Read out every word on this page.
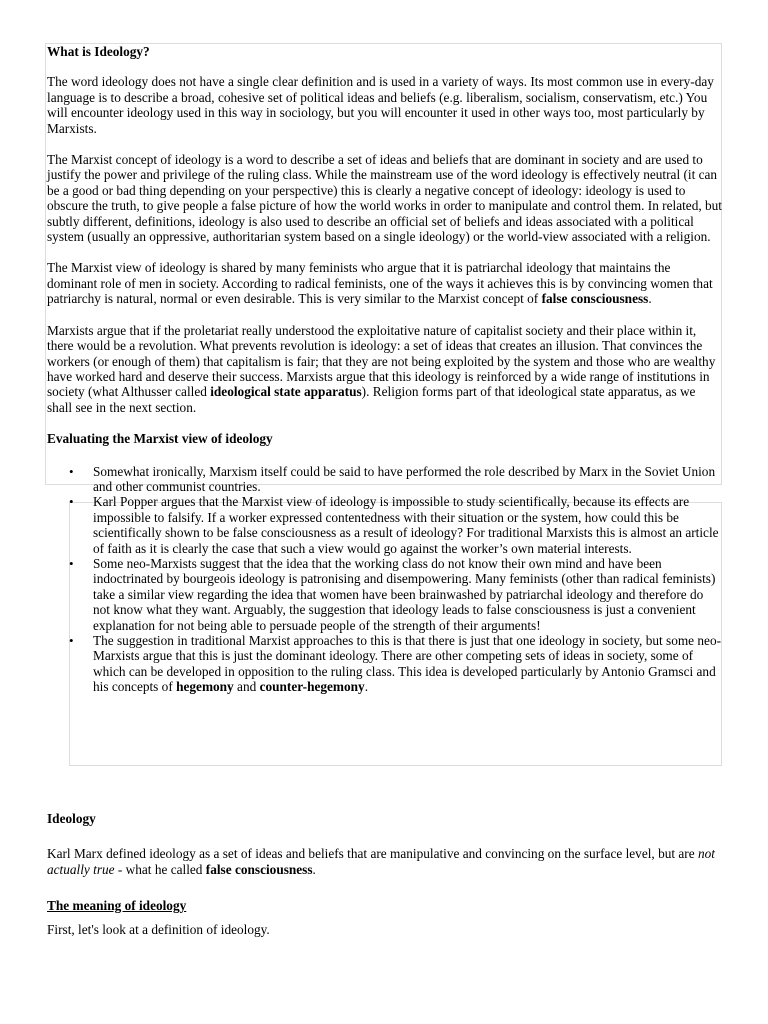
What is Ideology?

The word ideology does not have a single clear definition and is used in a variety of ways. Its most common use in every-day language is to describe a broad, cohesive set of political ideas and beliefs (e.g. liberalism, socialism, conservatism, etc.) You will encounter ideology used in this way in sociology, but you will encounter it used in other ways too, most particularly by Marxists.

The Marxist concept of ideology is a word to describe a set of ideas and beliefs that are dominant in society and are used to justify the power and privilege of the ruling class. While the mainstream use of the word ideology is effectively neutral (it can be a good or bad thing depending on your perspective) this is clearly a negative concept of ideology: ideology is used to obscure the truth, to give people a false picture of how the world works in order to manipulate and control them. In related, but subtly different, definitions, ideology is also used to describe an official set of beliefs and ideas associated with a political system (usually an oppressive, authoritarian system based on a single ideology) or the world-view associated with a religion.

The Marxist view of ideology is shared by many feminists who argue that it is patriarchal ideology that maintains the dominant role of men in society. According to radical feminists, one of the ways it achieves this is by convincing women that patriarchy is natural, normal or even desirable. This is very similar to the Marxist concept of false consciousness.

Marxists argue that if the proletariat really understood the exploitative nature of capitalist society and their place within it, there would be a revolution. What prevents revolution is ideology: a set of ideas that creates an illusion. That convinces the workers (or enough of them) that capitalism is fair; that they are not being exploited by the system and those who are wealthy have worked hard and deserve their success. Marxists argue that this ideology is reinforced by a wide range of institutions in society (what Althusser called ideological state apparatus). Religion forms part of that ideological state apparatus, as we shall see in the next section.

Evaluating the Marxist view of ideology

• Somewhat ironically, Marxism itself could be said to have performed the role described by Marx in the Soviet Union and other communist countries.
• Karl Popper argues that the Marxist view of ideology is impossible to study scientifically, because its effects are impossible to falsify. If a worker expressed contentedness with their situation or the system, how could this be scientifically shown to be false consciousness as a result of ideology? For traditional Marxists this is almost an article of faith as it is clearly the case that such a view would go against the worker’s own material interests.
• Some neo-Marxists suggest that the idea that the working class do not know their own mind and have been indoctrinated by bourgeois ideology is patronising and disempowering. Many feminists (other than radical feminists) take a similar view regarding the idea that women have been brainwashed by patriarchal ideology and therefore do not know what they want. Arguably, the suggestion that ideology leads to false consciousness is just a convenient explanation for not being able to persuade people of the strength of their arguments!
• The suggestion in traditional Marxist approaches to this is that there is just that one ideology in society, but some neo-Marxists argue that this is just the dominant ideology. There are other competing sets of ideas in society, some of which can be developed in opposition to the ruling class. This idea is developed particularly by Antonio Gramsci and his concepts of hegemony and counter-hegemony.

Ideology

Karl Marx defined ideology as a set of ideas and beliefs that are manipulative and convincing on the surface level, but are not actually true - what he called false consciousness.

The meaning of ideology

First, let's look at a definition of ideology.
